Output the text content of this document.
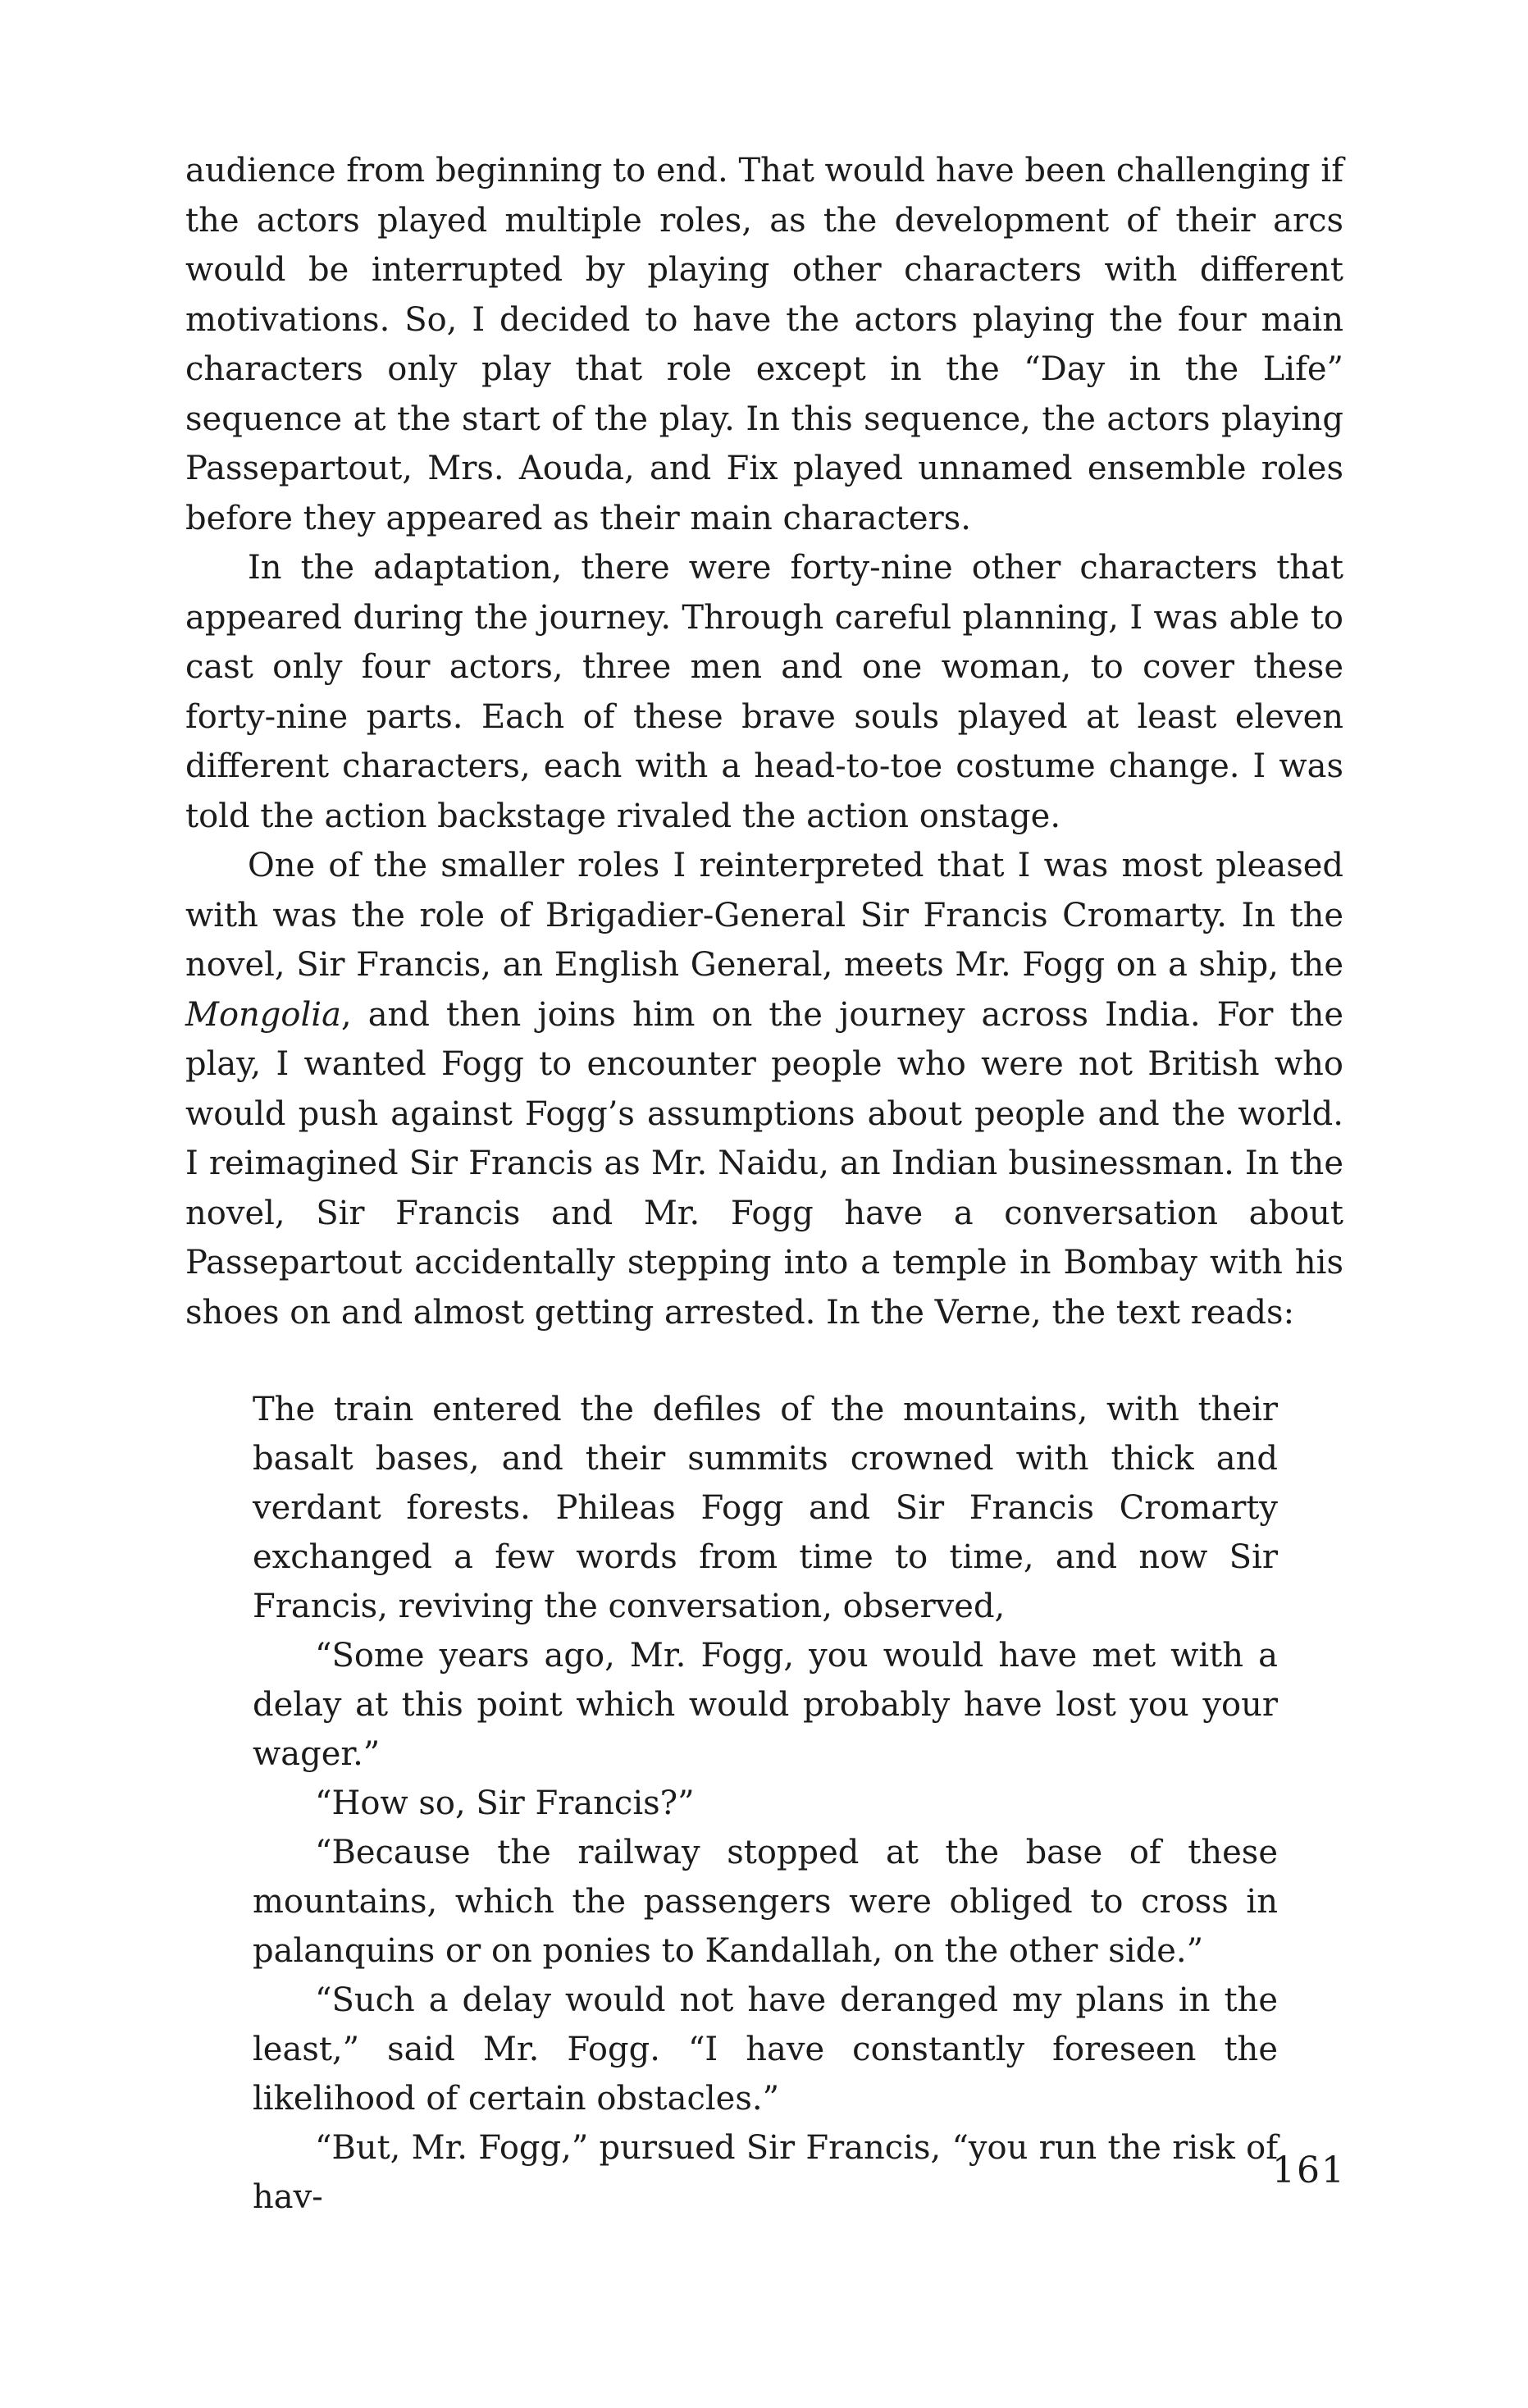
audience from beginning to end. That would have been challenging if the actors played multiple roles, as the development of their arcs would be interrupted by playing other characters with different motivations. So, I decided to have the actors playing the four main characters only play that role except in the “Day in the Life” sequence at the start of the play. In this sequence, the actors playing Passepartout, Mrs. Aouda, and Fix played unnamed ensemble roles before they appeared as their main characters.

In the adaptation, there were forty-nine other characters that appeared during the journey. Through careful planning, I was able to cast only four actors, three men and one woman, to cover these forty-nine parts. Each of these brave souls played at least eleven different characters, each with a head-to-toe costume change. I was told the action backstage rivaled the action onstage.

One of the smaller roles I reinterpreted that I was most pleased with was the role of Brigadier-General Sir Francis Cromarty. In the novel, Sir Francis, an English General, meets Mr. Fogg on a ship, the Mongolia, and then joins him on the journey across India. For the play, I wanted Fogg to encounter people who were not British who would push against Fogg’s assumptions about people and the world. I reimagined Sir Francis as Mr. Naidu, an Indian businessman. In the novel, Sir Francis and Mr. Fogg have a conversation about Passepartout accidentally stepping into a temple in Bombay with his shoes on and almost getting arrested. In the Verne, the text reads:

The train entered the defiles of the mountains, with their basalt bases, and their summits crowned with thick and verdant forests. Phileas Fogg and Sir Francis Cromarty exchanged a few words from time to time, and now Sir Francis, reviving the conversation, observed,

“Some years ago, Mr. Fogg, you would have met with a delay at this point which would probably have lost you your wager.”

“How so, Sir Francis?”

“Because the railway stopped at the base of these mountains, which the passengers were obliged to cross in palanquins or on ponies to Kandallah, on the other side.”

“Such a delay would not have deranged my plans in the least,” said Mr. Fogg. “I have constantly foreseen the likelihood of certain obstacles.”

“But, Mr. Fogg,” pursued Sir Francis, “you run the risk of hav-

161
